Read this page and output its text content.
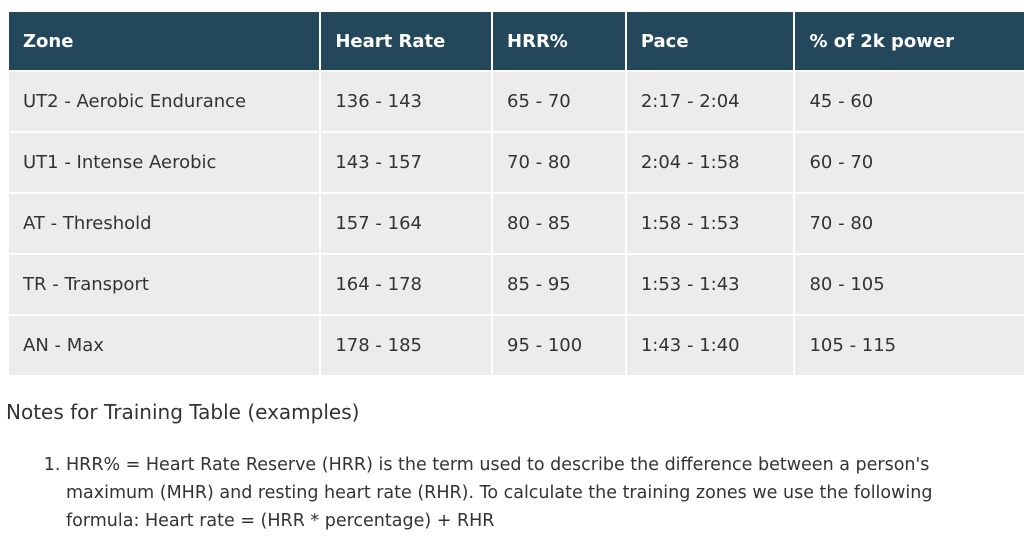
Zone	Heart Rate	HRR%	Pace	% of 2k power
UT2 - Aerobic Endurance	136 - 143	65 - 70	2:17 - 2:04	45 - 60
UT1 - Intense Aerobic	143 - 157	70 - 80	2:04 - 1:58	60 - 70
AT - Threshold	157 - 164	80 - 85	1:58 - 1:53	70 - 80
TR - Transport	164 - 178	85 - 95	1:53 - 1:43	80 - 105
AN - Max	178 - 185	95 - 100	1:43 - 1:40	105 - 115
Notes for Training Table (examples)
1. HRR% = Heart Rate Reserve (HRR) is the term used to describe the difference between a person's maximum (MHR) and resting heart rate (RHR). To calculate the training zones we use the following formula: Heart rate = (HRR * percentage) + RHR
